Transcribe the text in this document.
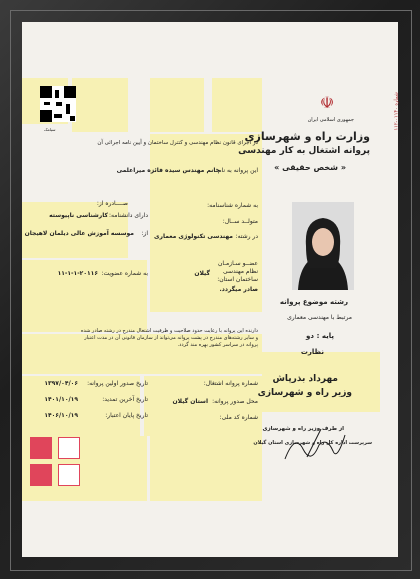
سیامک
☫
شماره ۰۱۱۴۰-۱۱۲
جمهوری اسلامی ایران
وزارت راه و شهرسازی
پروانه اشتغال به کار مهندسی
« شخص حقیقی »
در اجرای قانون نظام مهندسی و کنترل ساختمان و آیین نامه اجرائی آن
این پروانه به نام:
خانم مهندس سیده فائزه میراعلمی
به شماره شناسنامه:
صــــادره از:
متولــد ســال:
دارای دانشنامه:
کارشناسی ناپیوسته
در رشته:
مهندسی تکنولوژی معماری
از:
موسسه آموزش عالی دیلمان لاهیجان
عضــو سـازمـان
نظام مهندسی
ساختمان استان:
گیلان
صادر میگردد.
به شماره عضویت:
۱۱-۱-۱-۲۰۱۱۶
دارنده این پروانه با رعایت حدود صلاحیت و ظرفیت اشتغال مندرج در رشته صادر شده
و سایر رشته‌های مندرج در پشت پروانه می‌تواند از سازمان قانونی آن در مدت اعتبار
پروانه در سراسر کشور بهره مند گردد.
رشته موضوع پروانه
مرتبط با مهندسی معماری
پایه :
دو
نظارت
مهرداد بذرپاش
وزیر راه و شهرسازی
از طرف وزیر راه و شهرسازی
سرپرست اداره کل راه و شهرسازی استان گیلان
شماره پروانه اشتغال:
محل صدور پروانه:
استان گیلان
شماره کد ملی:
تاریخ صدور اولین پروانه:
۱۳۹۷/۰۴/۰۶
تاریخ آخرین تمدید:
۱۴۰۱/۱۰/۱۹
تاریخ پایان اعتبار:
۱۴۰۶/۱۰/۱۹
